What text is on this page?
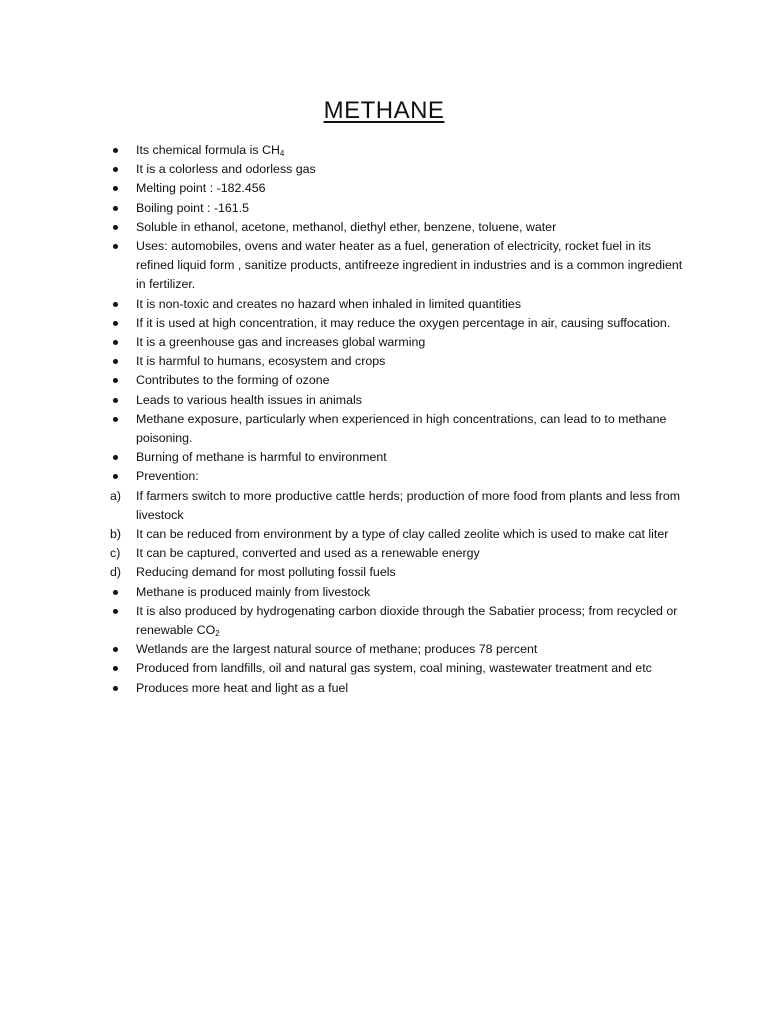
METHANE
Its chemical formula is $CH_4$
It is a colorless and odorless gas
Melting point : -182.456
Boiling point : -161.5
Soluble in ethanol, acetone, methanol, diethyl ether, benzene, toluene, water
Uses: automobiles, ovens and water heater as a fuel, generation of electricity, rocket fuel in its refined liquid form , sanitize products, antifreeze ingredient in industries and is a common ingredient in fertilizer.
It is non-toxic and creates no hazard when inhaled in limited quantities
If it is used at high concentration, it may reduce the oxygen percentage in air, causing suffocation.
It is a greenhouse gas and increases global warming
It is harmful to humans, ecosystem and crops
Contributes to the forming of ozone
Leads to various health issues in animals
Methane exposure, particularly when experienced in high concentrations, can lead to to methane poisoning.
Burning of methane is harmful to environment
Prevention:
a)	If farmers switch to more productive cattle herds; production of more food from plants and less from livestock
b)	It can be reduced from environment by a type of clay called zeolite which is used to make cat liter
c)	It can be captured, converted and used as a renewable energy
d)	Reducing demand for most polluting fossil fuels
Methane is produced mainly from livestock
It is also produced by hydrogenating carbon dioxide through the Sabatier process; from recycled or renewable $CO_2$
Wetlands are the largest natural source of methane; produces 78 percent
Produced from landfills, oil and natural gas system, coal mining, wastewater treatment and etc
Produces more heat and light as a fuel
